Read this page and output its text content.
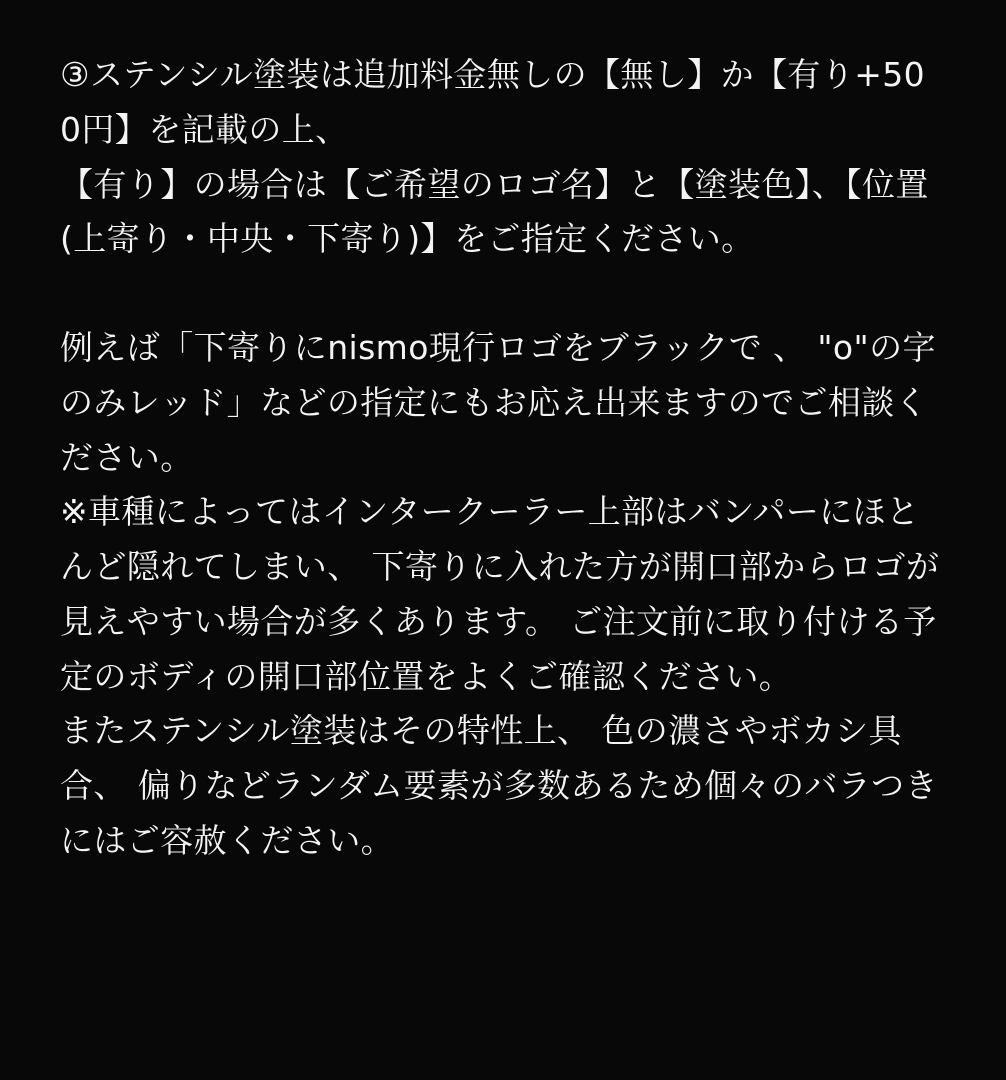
③ステンシル塗装は追加料金無しの【無し】か【有り+500円】を記載の上、
【有り】の場合は【ご希望のロゴ名】と【塗装色】、【位置 (上寄り・中央・下寄り)】をご指定ください。
例えば「下寄りにnismo現行ロゴをブラックで 、 "o"の字のみレッド」などの指定にもお応え出来ますのでご相談ください。
※車種によってはインタークーラー上部はバンパーにほとんど隠れてしまい、 下寄りに入れた方が開口部からロゴが見えやすい場合が多くあります。 ご注文前に取り付ける予定のボディの開口部位置をよくご確認ください。
またステンシル塗装はその特性上、 色の濃さやボカシ具合、 偏りなどランダム要素が多数あるため個々のバラつきにはご容赦ください。
